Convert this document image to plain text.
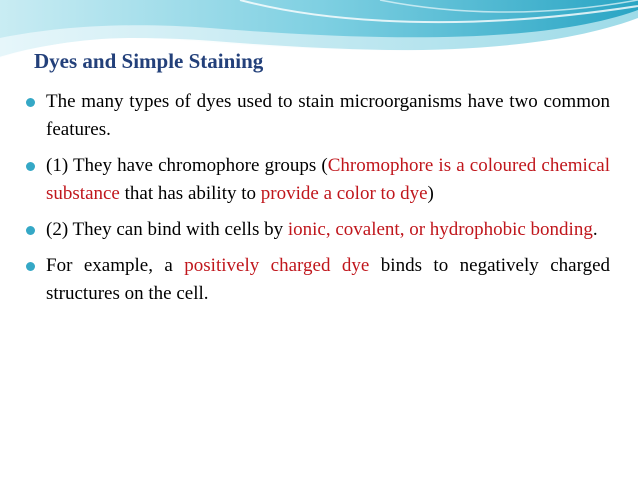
Dyes and Simple Staining
The many types of dyes used to stain microorganisms have two common features.
(1) They have chromophore groups (Chromophore is a coloured chemical substance that has ability to provide a color to dye)
(2) They can bind with cells by ionic, covalent, or hydrophobic bonding.
For example, a positively charged dye binds to negatively charged structures on the cell.
